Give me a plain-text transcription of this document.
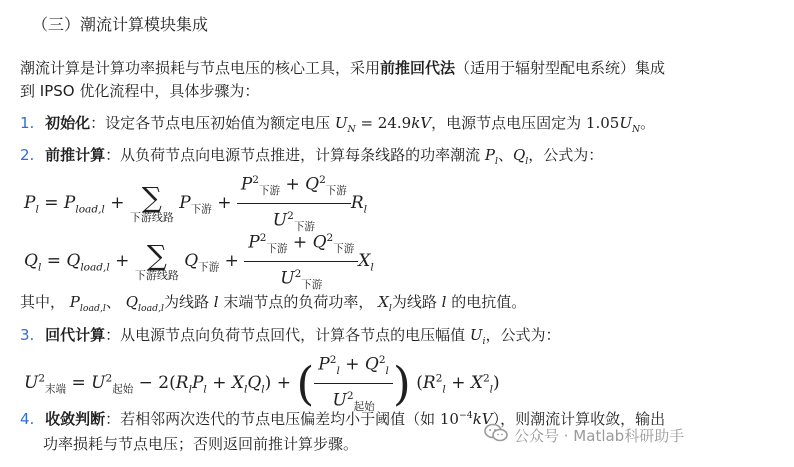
（三）潮流计算模块集成
潮流计算是计算功率损耗与节点电压的核心工具，采用前推回代法（适用于辐射型配电系统）集成
到 IPSO 优化流程中，具体步骤为：
1. 初始化：设定各节点电压初始值为额定电压 $U_N = 24.9kV$，电源节点电压固定为 $1.05U_N$。
2. 前推计算：从负荷节点向电源节点推进，计算每条线路的功率潮流 $P_l$、$Q_l$，公式为：
$P_l = P_{load,l}$ + ∑
下游线路
$P_{下游} + \frac{P^2_{下游} + Q^2_{下游}}{U^2_{下游}} R_l$
$Q_l = Q_{load,l}$ + ∑
下游线路
$Q_{下游} + \frac{P^2_{下游} + Q^2_{下游}}{U^2_{下游}} X_l$
其中， $P_{load,l}$、 $Q_{load,l}$为线路 l 末端节点的负荷功率， $X_l$为线路 l 的电抗值。
3. 回代计算：从电源节点向负荷节点回代，计算各节点的电压幅值 $U_i$，公式为：
$U^2_{末端} = U^2_{起始} - 2(R_lP_l + X_lQ_l)$ + ( $\frac{P^2_l + Q^2_l}{U^2_{起始}}$ ) $(R^2_l + X^2_l)$
4. 收敛判断：若相邻两次迭代的节点电压偏差均小于阈值（如 $10^{-4}kV$），则潮流计算收敛，输出
功率损耗与节点电压；否则返回前推计算步骤。	公众号 · Matlab科研助手
